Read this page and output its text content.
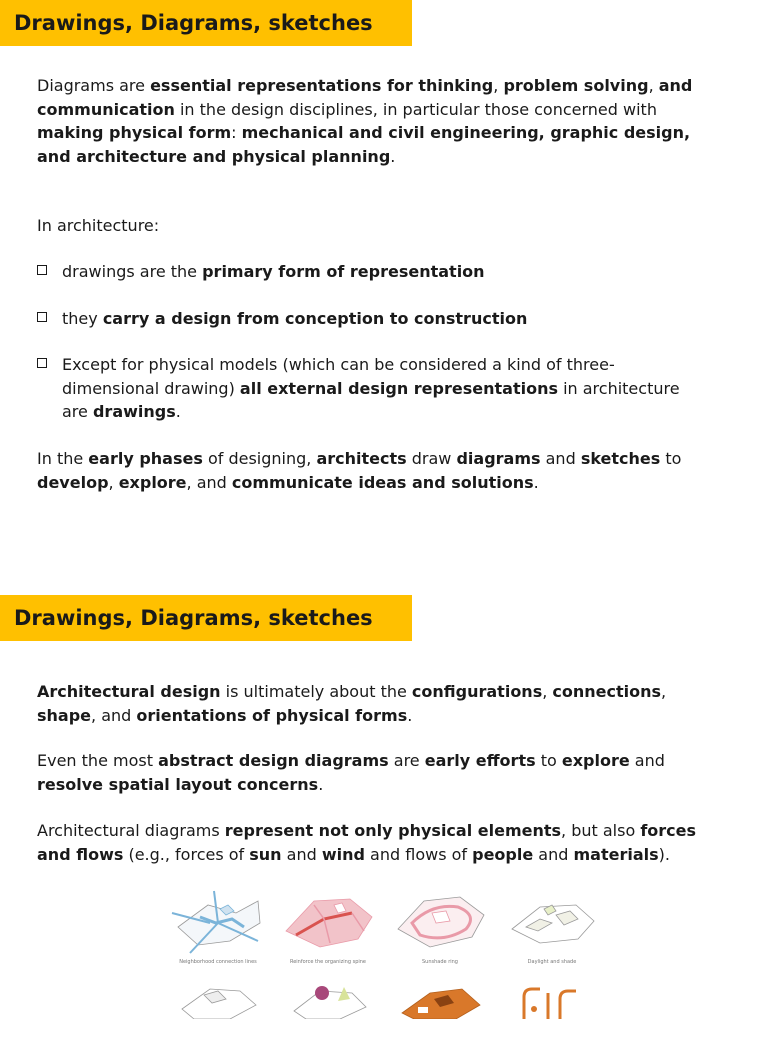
Drawings, Diagrams, sketches

Diagrams are essential representations for thinking, problem solving, and communication in the design disciplines, in particular those concerned with making physical form: mechanical and civil engineering, graphic design, and architecture and physical planning.

In architecture:

drawings are the primary form of representation
they carry a design from conception to construction
Except for physical models (which can be considered a kind of three-dimensional drawing) all external design representations in architecture are drawings.

In the early phases of designing, architects draw diagrams and sketches to develop, explore, and communicate ideas and solutions.

Drawings, Diagrams, sketches

Architectural design is ultimately about the configurations, connections, shape, and orientations of physical forms.

Even the most abstract design diagrams are early efforts to explore and resolve spatial layout concerns.

Architectural diagrams represent not only physical elements, but also forces and flows (e.g., forces of sun and wind and flows of people and materials).

Neighborhood connection lines	Reinforce the organizing spine	Sunshade ring	Daylight and shade
